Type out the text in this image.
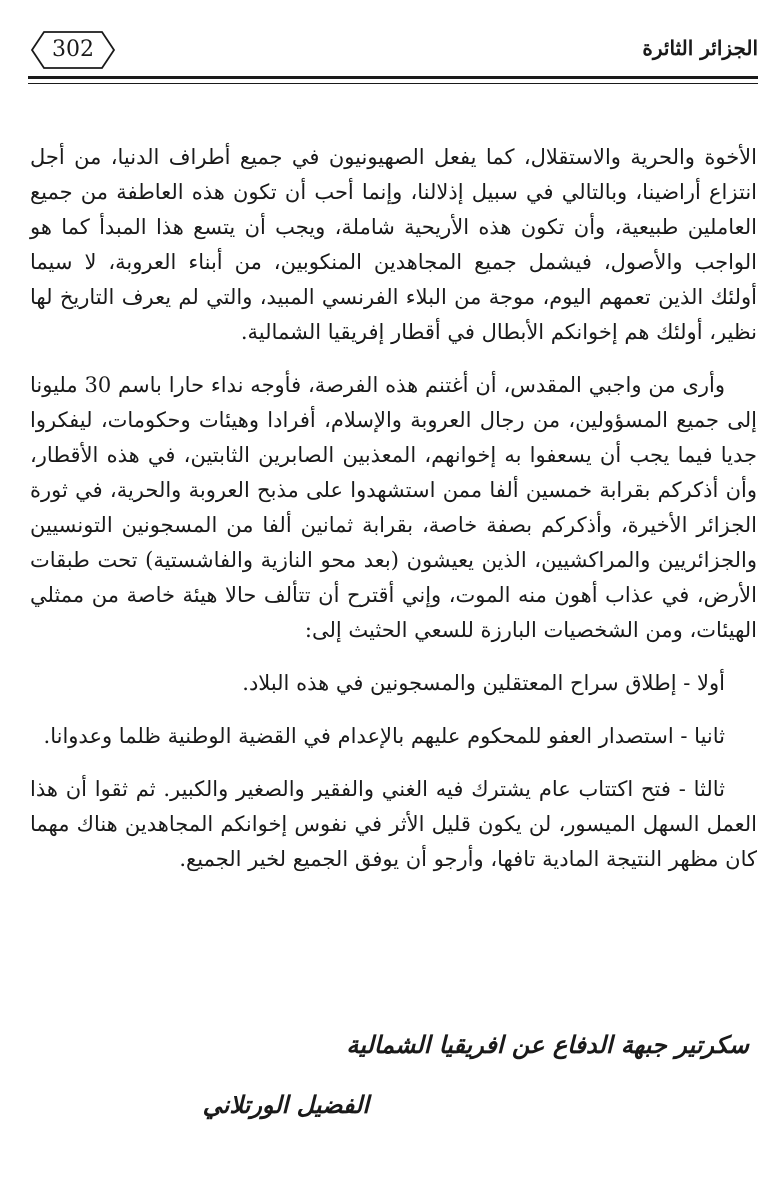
302	الجزائر الثائرة

الأخوة والحرية والاستقلال، كما يفعل الصهيونيون في جميع أطراف الدنيا، من أجل انتزاع أراضينا، وبالتالي في سبيل إذلالنا، وإنما أحب أن تكون هذه العاطفة من جميع العاملين طبيعية، وأن تكون هذه الأريحية شاملة، ويجب أن يتسع هذا المبدأ كما هو الواجب والأصول، فيشمل جميع المجاهدين المنكوبين، من أبناء العروبة، لا سيما أولئك الذين تعمهم اليوم، موجة من البلاء الفرنسي المبيد، والتي لم يعرف التاريخ لها نظير، أولئك هم إخوانكم الأبطال في أقطار إفريقيا الشمالية.

وأرى من واجبي المقدس، أن أغتنم هذه الفرصة، فأوجه نداء حارا باسم 30 مليونا إلى جميع المسؤولين، من رجال العروبة والإسلام، أفرادا وهيئات وحكومات، ليفكروا جديا فيما يجب أن يسعفوا به إخوانهم، المعذبين الصابرين الثابتين، في هذه الأقطار، وأن أذكركم بقرابة خمسين ألفا ممن استشهدوا على مذبح العروبة والحرية، في ثورة الجزائر الأخيرة، وأذكركم بصفة خاصة، بقرابة ثمانين ألفا من المسجونين التونسيين والجزائريين والمراكشيين، الذين يعيشون (بعد محو النازية والفاشستية) تحت طبقات الأرض، في عذاب أهون منه الموت، وإني أقترح أن تتألف حالا هيئة خاصة من ممثلي الهيئات، ومن الشخصيات البارزة للسعي الحثيث إلى:

أولا - إطلاق سراح المعتقلين والمسجونين في هذه البلاد.

ثانيا - استصدار العفو للمحكوم عليهم بالإعدام في القضية الوطنية ظلما وعدوانا.

ثالثا - فتح اكتتاب عام يشترك فيه الغني والفقير والصغير والكبير. ثم ثقوا أن هذا العمل السهل الميسور، لن يكون قليل الأثر في نفوس إخوانكم المجاهدين هناك مهما كان مظهر النتيجة المادية تافها، وأرجو أن يوفق الجميع لخير الجميع.

سكرتير جبهة الدفاع عن افريقيا الشمالية
الفضيل الورتلاني
